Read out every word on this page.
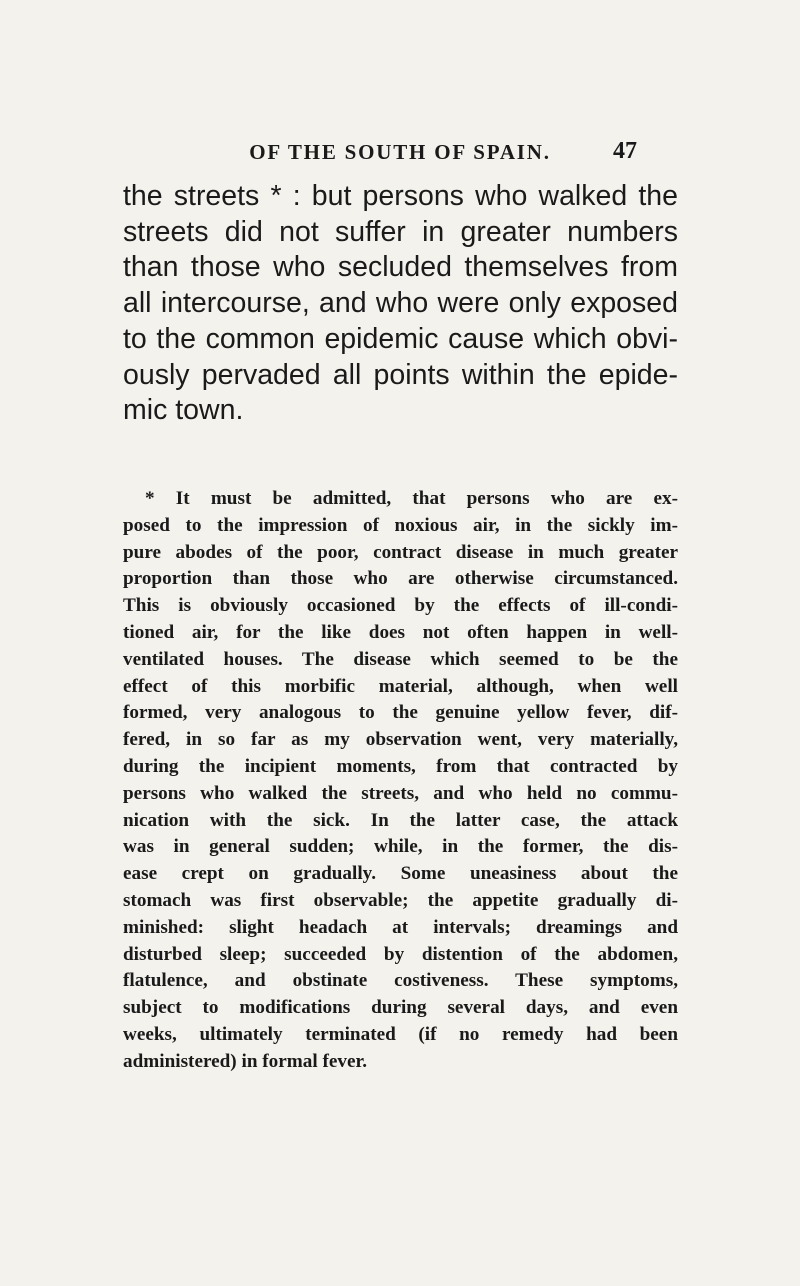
OF THE SOUTH OF SPAIN.	47
the streets * : but persons who walked the
streets did not suffer in greater numbers
than those who secluded themselves from
all intercourse, and who were only exposed
to the common epidemic cause which obvi-
ously pervaded all points within the epide-
mic town.
* It must be admitted, that persons who are ex-
posed to the impression of noxious air, in the sickly im-
pure abodes of the poor, contract disease in much greater
proportion than those who are otherwise circumstanced.
This is obviously occasioned by the effects of ill-condi-
tioned air, for the like does not often happen in well-
ventilated houses. The disease which seemed to be the
effect of this morbific material, although, when well
formed, very analogous to the genuine yellow fever, dif-
fered, in so far as my observation went, very materially,
during the incipient moments, from that contracted by
persons who walked the streets, and who held no commu-
nication with the sick. In the latter case, the attack
was in general sudden; while, in the former, the dis-
ease crept on gradually. Some uneasiness about the
stomach was first observable; the appetite gradually di-
minished: slight headach at intervals; dreamings and
disturbed sleep; succeeded by distention of the abdomen,
flatulence, and obstinate costiveness. These symptoms,
subject to modifications during several days, and even
weeks, ultimately terminated (if no remedy had been
administered) in formal fever.
